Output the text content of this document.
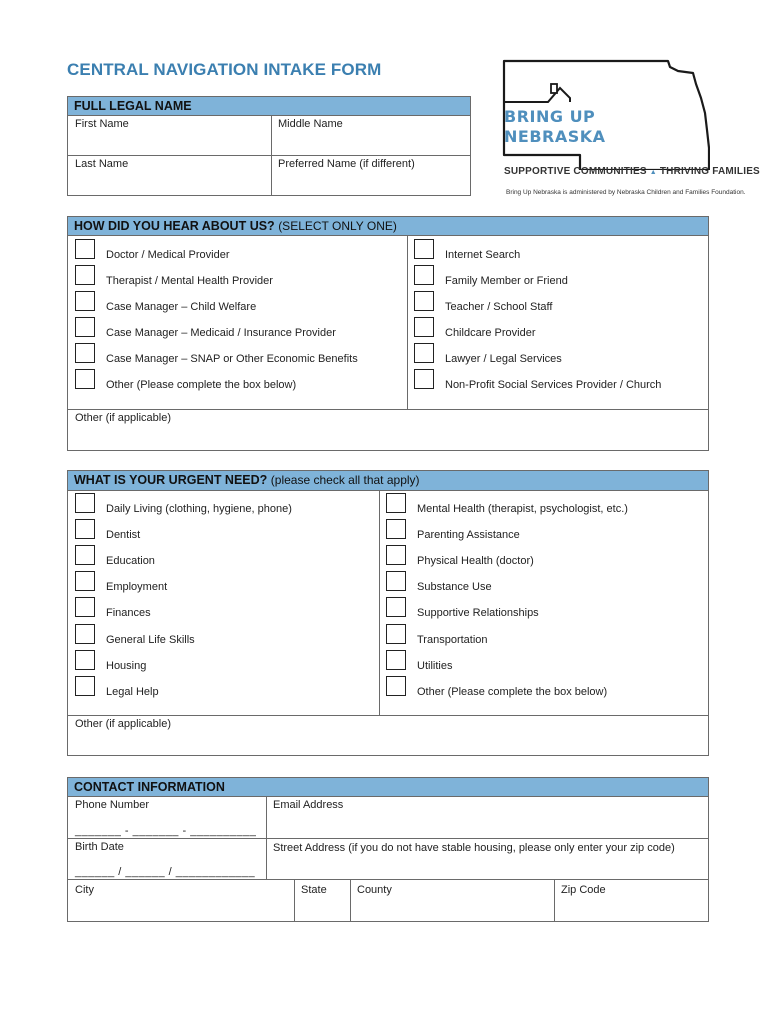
CENTRAL NAVIGATION INTAKE FORM
BRING UP
NEBRASKA
SUPPORTIVE COMMUNITIES ▲ THRIVING FAMILIES
Bring Up Nebraska is administered by Nebraska Children and Families Foundation.
FULL LEGAL NAME
First Name	Middle Name
Last Name	Preferred Name (if different)
HOW DID YOU HEAR ABOUT US? (SELECT ONLY ONE)
Doctor / Medical Provider
Therapist / Mental Health Provider
Case Manager – Child Welfare
Case Manager – Medicaid / Insurance Provider
Case Manager – SNAP or Other Economic Benefits
Other (Please complete the box below)
Internet Search
Family Member or Friend
Teacher / School Staff
Childcare Provider
Lawyer / Legal Services
Non-Profit Social Services Provider / Church
Other (if applicable)
WHAT IS YOUR URGENT NEED? (please check all that apply)
Daily Living (clothing, hygiene, phone)
Dentist
Education
Employment
Finances
General Life Skills
Housing
Legal Help
Mental Health (therapist, psychologist, etc.)
Parenting Assistance
Physical Health (doctor)
Substance Use
Supportive Relationships
Transportation
Utilities
Other (Please complete the box below)
Other (if applicable)
CONTACT INFORMATION
Phone Number
_______ - _______ - __________
Email Address
Birth Date
______ / ______ / ____________
Street Address (if you do not have stable housing, please only enter your zip code)
City	State	County	Zip Code
